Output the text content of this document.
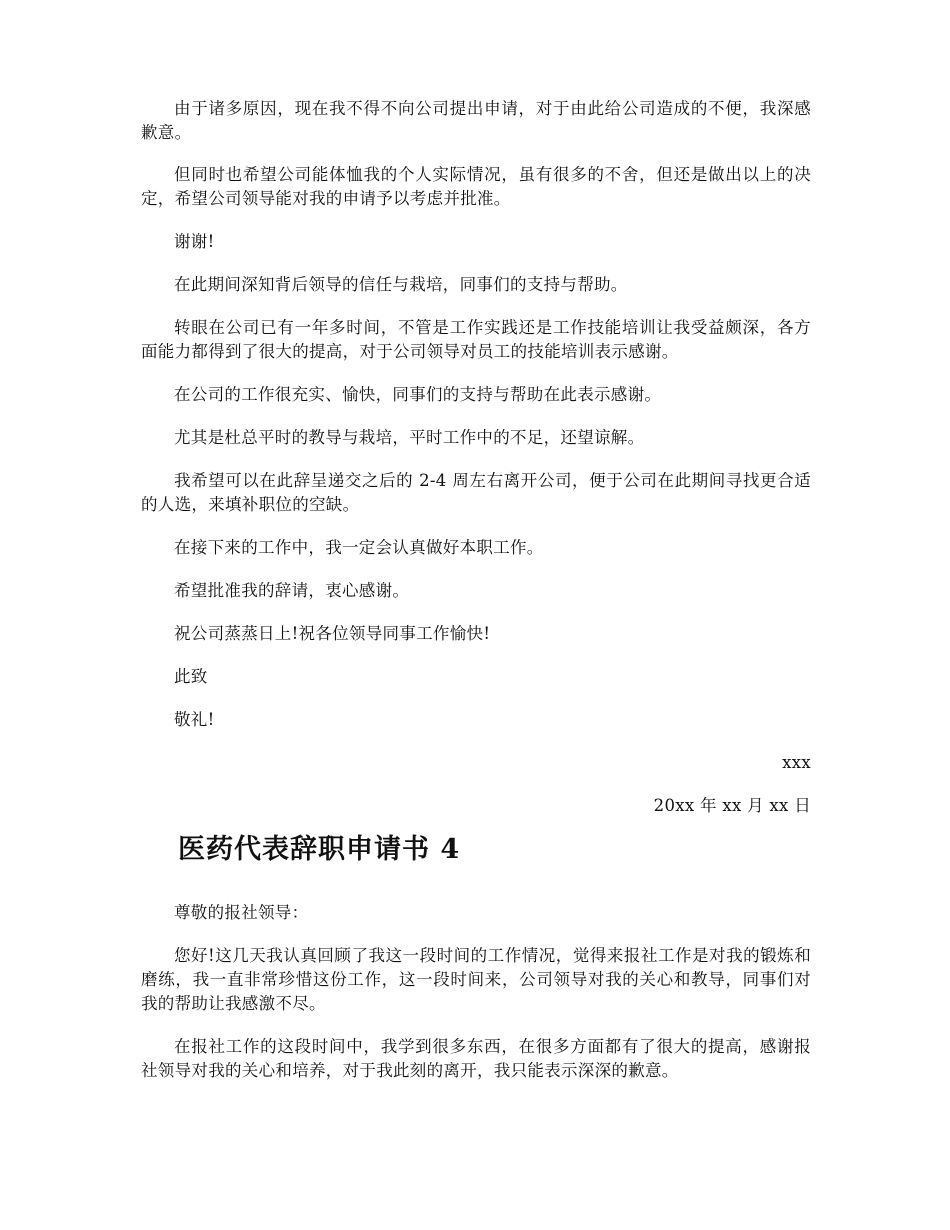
由于诸多原因，现在我不得不向公司提出申请，对于由此给公司造成的不便，我深感歉意。

但同时也希望公司能体恤我的个人实际情况，虽有很多的不舍，但还是做出以上的决定，希望公司领导能对我的申请予以考虑并批准。

谢谢!

在此期间深知背后领导的信任与栽培，同事们的支持与帮助。

转眼在公司已有一年多时间，不管是工作实践还是工作技能培训让我受益颇深，各方面能力都得到了很大的提高，对于公司领导对员工的技能培训表示感谢。

在公司的工作很充实、愉快，同事们的支持与帮助在此表示感谢。

尤其是杜总平时的教导与栽培，平时工作中的不足，还望谅解。

我希望可以在此辞呈递交之后的 2-4 周左右离开公司，便于公司在此期间寻找更合适的人选，来填补职位的空缺。

在接下来的工作中，我一定会认真做好本职工作。

希望批准我的辞请，衷心感谢。

祝公司蒸蒸日上!祝各位领导同事工作愉快!

此致

敬礼!

xxx

20xx 年 xx 月 xx 日

医药代表辞职申请书 4

尊敬的报社领导：

您好!这几天我认真回顾了我这一段时间的工作情况，觉得来报社工作是对我的锻炼和磨练，我一直非常珍惜这份工作，这一段时间来，公司领导对我的关心和教导，同事们对我的帮助让我感激不尽。

在报社工作的这段时间中，我学到很多东西，在很多方面都有了很大的提高，感谢报社领导对我的关心和培养，对于我此刻的离开，我只能表示深深的歉意。
